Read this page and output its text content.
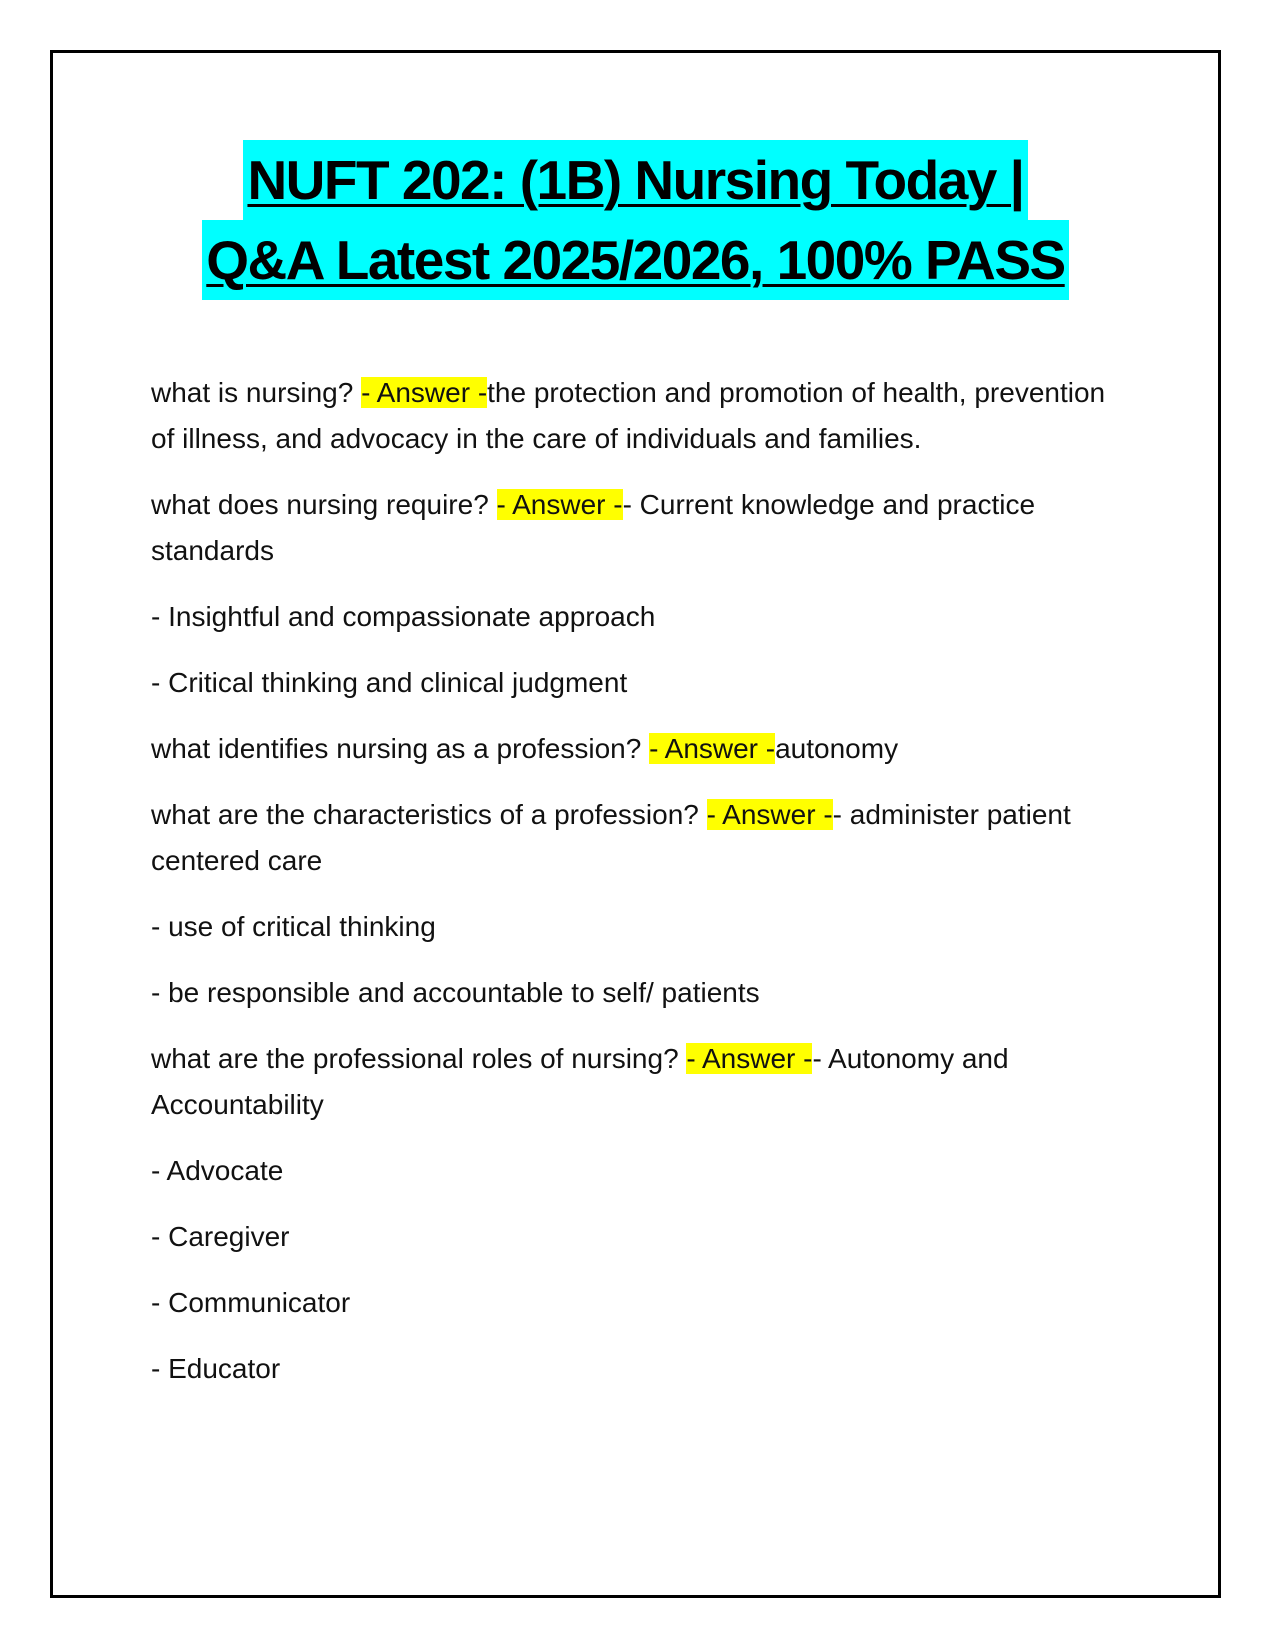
NUFT 202: (1B) Nursing Today |
Q&A Latest 2025/2026, 100% PASS

what is nursing? - Answer -the protection and promotion of health, prevention of illness, and advocacy in the care of individuals and families.

what does nursing require? - Answer -- Current knowledge and practice standards

- Insightful and compassionate approach

- Critical thinking and clinical judgment

what identifies nursing as a profession? - Answer -autonomy

what are the characteristics of a profession? - Answer -- administer patient centered care

- use of critical thinking

- be responsible and accountable to self/ patients

what are the professional roles of nursing? - Answer -- Autonomy and Accountability

- Advocate

- Caregiver

- Communicator

- Educator
